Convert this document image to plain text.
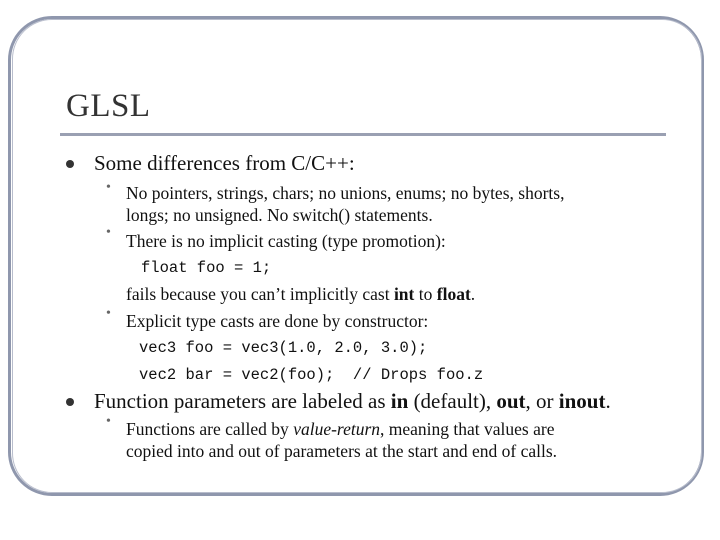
GLSL
Some differences from C/C++:
• No pointers, strings, chars; no unions, enums; no bytes, shorts,
longs; no unsigned. No switch() statements.
• There is no implicit casting (type promotion):
float foo = 1;
fails because you can’t implicitly cast int to float.
• Explicit type casts are done by constructor:
vec3 foo = vec3(1.0, 2.0, 3.0);
vec2 bar = vec2(foo);  // Drops foo.z
Function parameters are labeled as in (default), out, or inout.
• Functions are called by value-return, meaning that values are
copied into and out of parameters at the start and end of calls.
